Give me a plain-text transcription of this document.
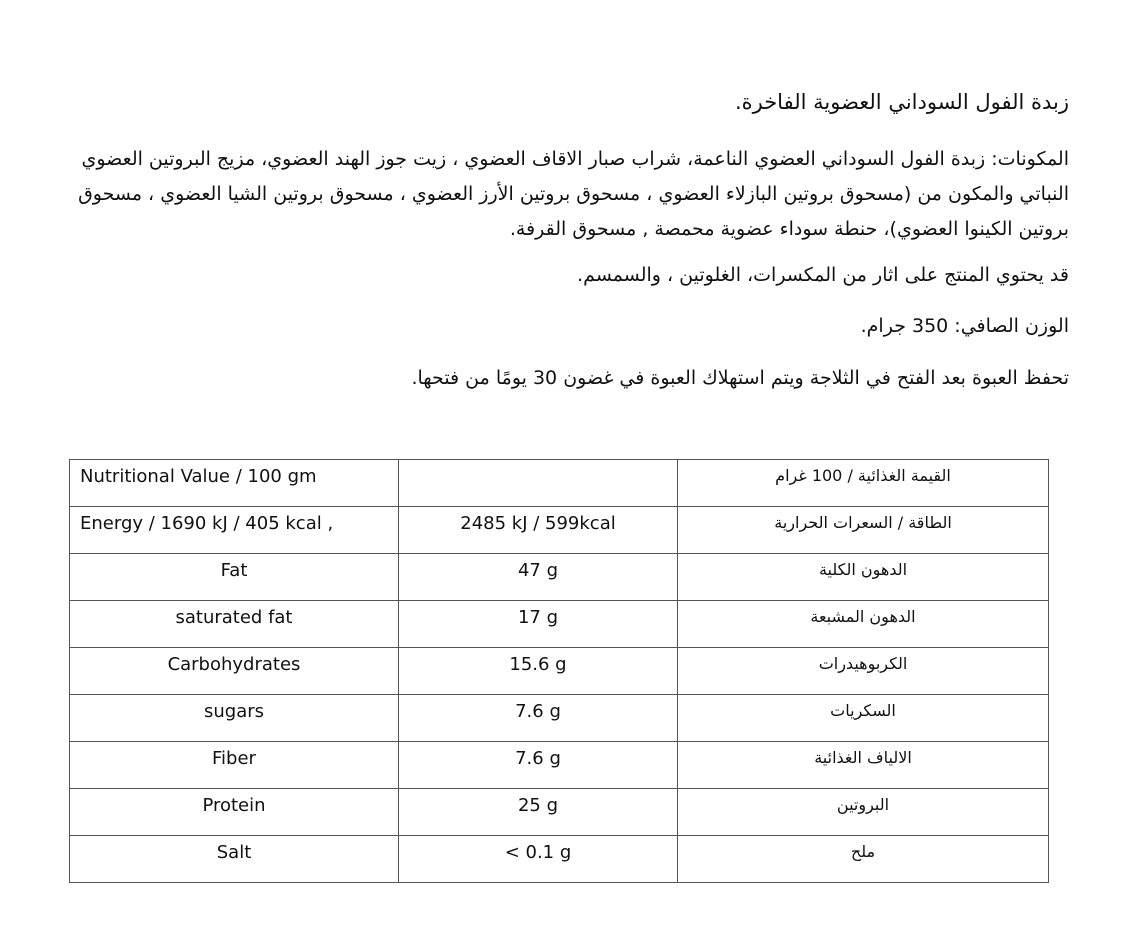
زبدة الفول السوداني العضوية الفاخرة.

المكونات: زبدة الفول السوداني العضوي الناعمة، شراب صبار الاقاف العضوي ، زيت جوز الهند العضوي، مزيج البروتين العضوي النباتي والمكون من (مسحوق بروتين البازلاء العضوي ، مسحوق بروتين الأرز العضوي ، مسحوق بروتين الشيا العضوي ، مسحوق بروتين الكينوا العضوي)، حنطة سوداء عضوية محمصة , مسحوق القرفة.

قد يحتوي المنتج على اثار من المكسرات، الغلوتين ، والسمسم.

الوزن الصافي: 350 جرام.

تحفظ العبوة بعد الفتح في الثلاجة ويتم استهلاك العبوة في غضون 30 يومًا من فتحها.

Nutritional Value / 100 gm		القيمة الغذائية / 100 غرام
Energy / 1690 kJ / 405 kcal ,	2485 kJ / 599kcal	الطاقة / السعرات الحرارية
Fat	47 g	الدهون الكلية
saturated fat	17 g	الدهون المشبعة
Carbohydrates	15.6 g	الكربوهيدرات
sugars	7.6 g	السكريات
Fiber	7.6 g	الالياف الغذائية
Protein	25 g	البروتين
Salt	< 0.1 g	ملح
